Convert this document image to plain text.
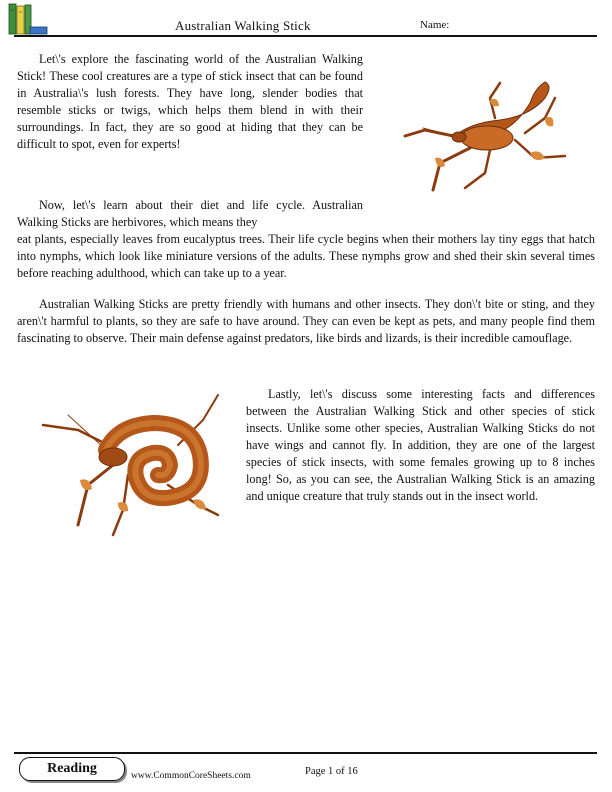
Australian Walking Stick	Name:

Let\'s explore the fascinating world of the Australian Walking Stick! These cool creatures are a type of stick insect that can be found in Australia\'s lush forests. They have long, slender bodies that resemble sticks or twigs, which helps them blend in with their surroundings. In fact, they are so good at hiding that they can be difficult to spot, even for experts!

Now, let\'s learn about their diet and life cycle. Australian Walking Sticks are herbivores, which means they

eat plants, especially leaves from eucalyptus trees. Their life cycle begins when their mothers lay tiny eggs that hatch into nymphs, which look like miniature versions of the adults. These nymphs grow and shed their skin several times before reaching adulthood, which can take up to a year.

Australian Walking Sticks are pretty friendly with humans and other insects. They don\'t bite or sting, and they aren\'t harmful to plants, so they are safe to have around. They can even be kept as pets, and many people find them fascinating to observe. Their main defense against predators, like birds and lizards, is their incredible camouflage.

Lastly, let\'s discuss some interesting facts and differences between the Australian Walking Stick and other species of stick insects. Unlike some other species, Australian Walking Sticks do not have wings and cannot fly. In addition, they are one of the largest species of stick insects, with some females growing up to 8 inches long! So, as you can see, the Australian Walking Stick is an amazing and unique creature that truly stands out in the insect world.

Reading	www.CommonCoreSheets.com	Page 1 of 16
